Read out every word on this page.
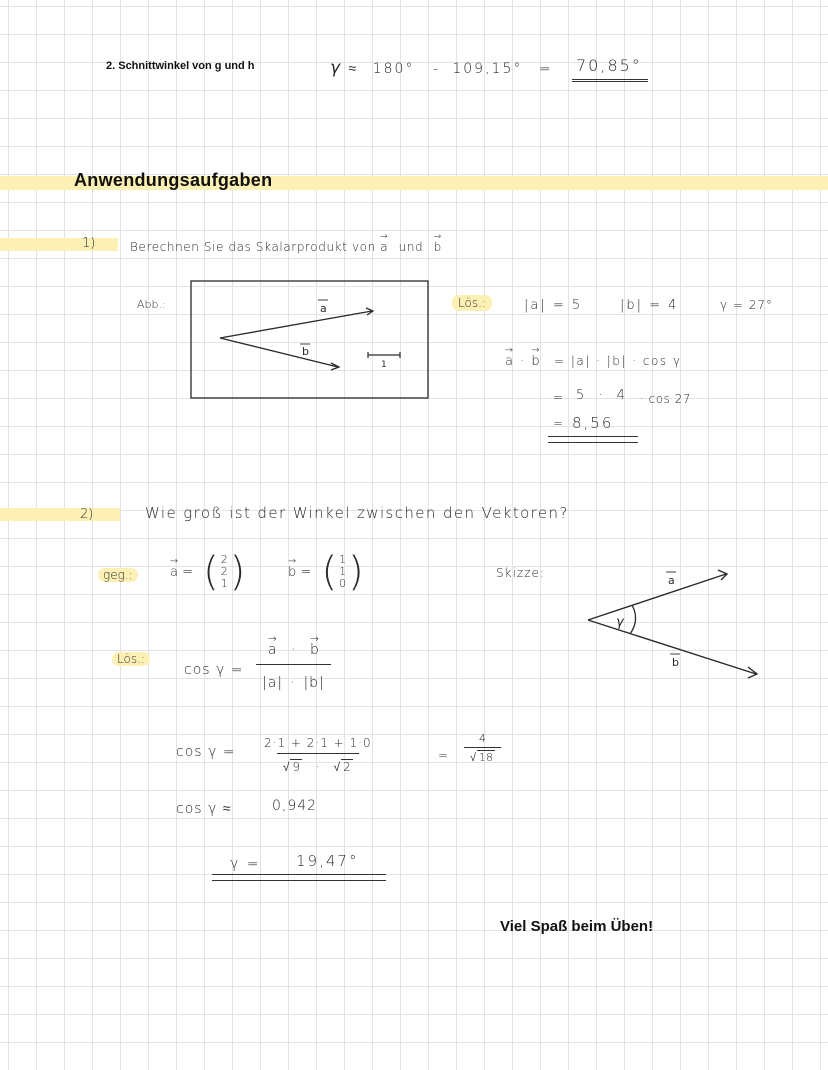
2. Schnittwinkel von g und h	γ ≈ 180° - 109,15° = 70,85°
Anwendungsaufgaben
1)	Berechnen Sie das Skalarprodukt von → a und → b
Abb.:	a
b
1
Lös.:	|a| = 5	|b| = 4	γ = 27°
→ a · → b = |a| · |b| · cos γ
= 5 · 4 · cos 27
= 8,56
2)	Wie groß ist der Winkel zwischen den Vektoren?
geg.:	→ a = ( 2
2
1 )	→ b = ( 1
1
0 )	Skizze:
γ
a
b
Lös.:
cos γ = → $\frac{a \cdot \to b}{|a| \cdot |b|}$
$\cos \gamma = \frac{2\cdot 1 + 2\cdot 1 + 1\cdot 0}{√ 9 \cdot √ 2}$	= $\frac{4}{√ 18}$
cos γ ≈	0,942
γ = 19,47°
Viel Spaß beim Üben!
